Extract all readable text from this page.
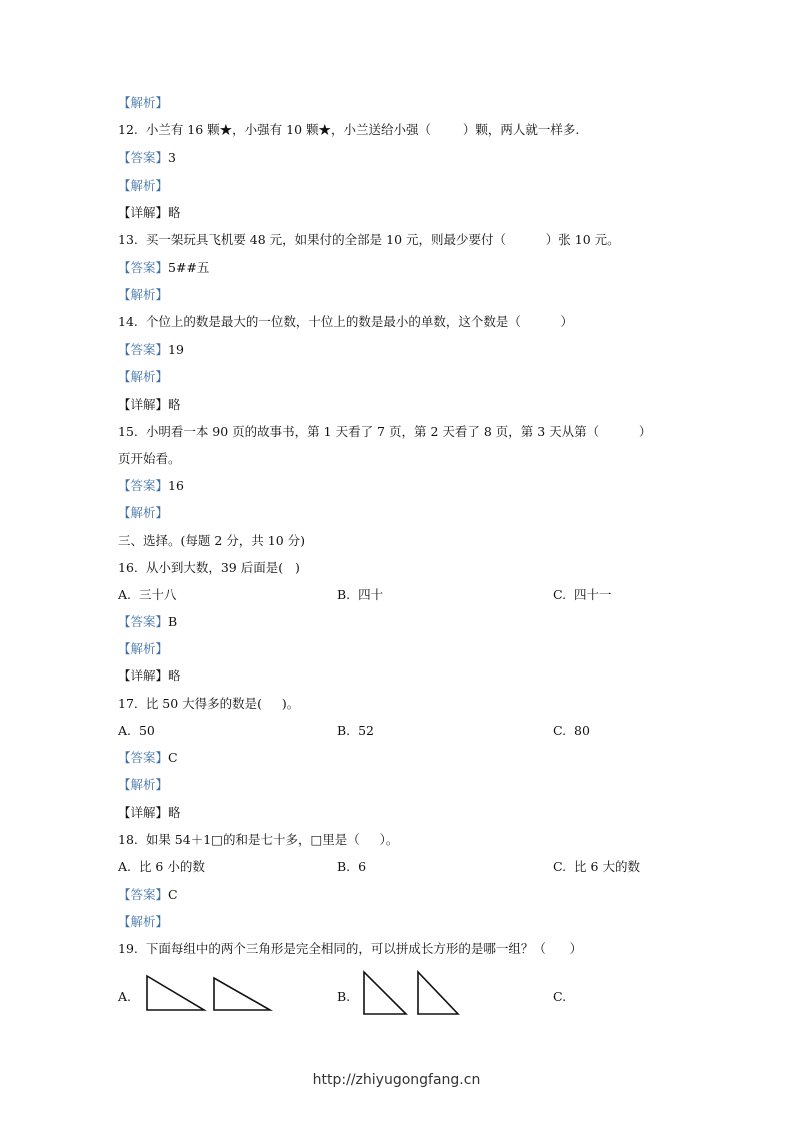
【解析】

12.  小兰有 16 颗★，小强有 10 颗★，小兰送给小强（        ）颗，两人就一样多.

【答案】3

【解析】

【详解】略

13.  买一架玩具飞机要 48 元，如果付的全部是 10 元，则最少要付（          ）张 10 元。

【答案】5##五

【解析】

14.  个位上的数是最大的一位数，十位上的数是最小的单数，这个数是（          ）

【答案】19

【解析】

【详解】略

15.  小明看一本 90 页的故事书，第 1 天看了 7 页，第 2 天看了 8 页，第 3 天从第（          ）

页开始看。

【答案】16

【解析】

三、选择。(每题 2 分，共 10 分)

16.  从小到大数，39 后面是(   )

A.  三十八	B.  四十	C.  四十一

【答案】B

【解析】

【详解】略

17.  比 50 大得多的数是(     )。

A.  50	B.  52	C.  80

【答案】C

【解析】

【详解】略

18.  如果 54＋1□的和是七十多，□里是（     ）。

A.  比 6 小的数	B.  6	C.  比 6 大的数

【答案】C

【解析】

19.  下面每组中的两个三角形是完全相同的，可以拼成长方形的是哪一组？（      ）

A.	B.	C.
http://zhiyugongfang.cn
